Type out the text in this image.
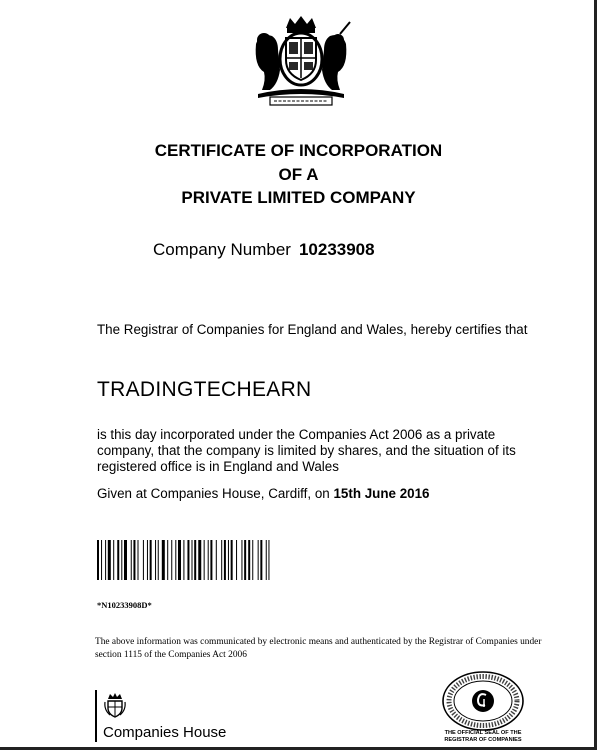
CERTIFICATE OF INCORPORATION
OF A
PRIVATE LIMITED COMPANY
Company Number 10233908
The Registrar of Companies for England and Wales, hereby certifies that
TRADINGTECHEARN
is this day incorporated under the Companies Act 2006 as a private company, that the company is limited by shares, and the situation of its registered office is in England and Wales
Given at Companies House, Cardiff, on 15th June 2016
*N10233908D*
The above information was communicated by electronic means and authenticated by the Registrar of Companies under section 1115 of the Companies Act 2006
Companies House	THE OFFICIAL SEAL OF THE
REGISTRAR OF COMPANIES
